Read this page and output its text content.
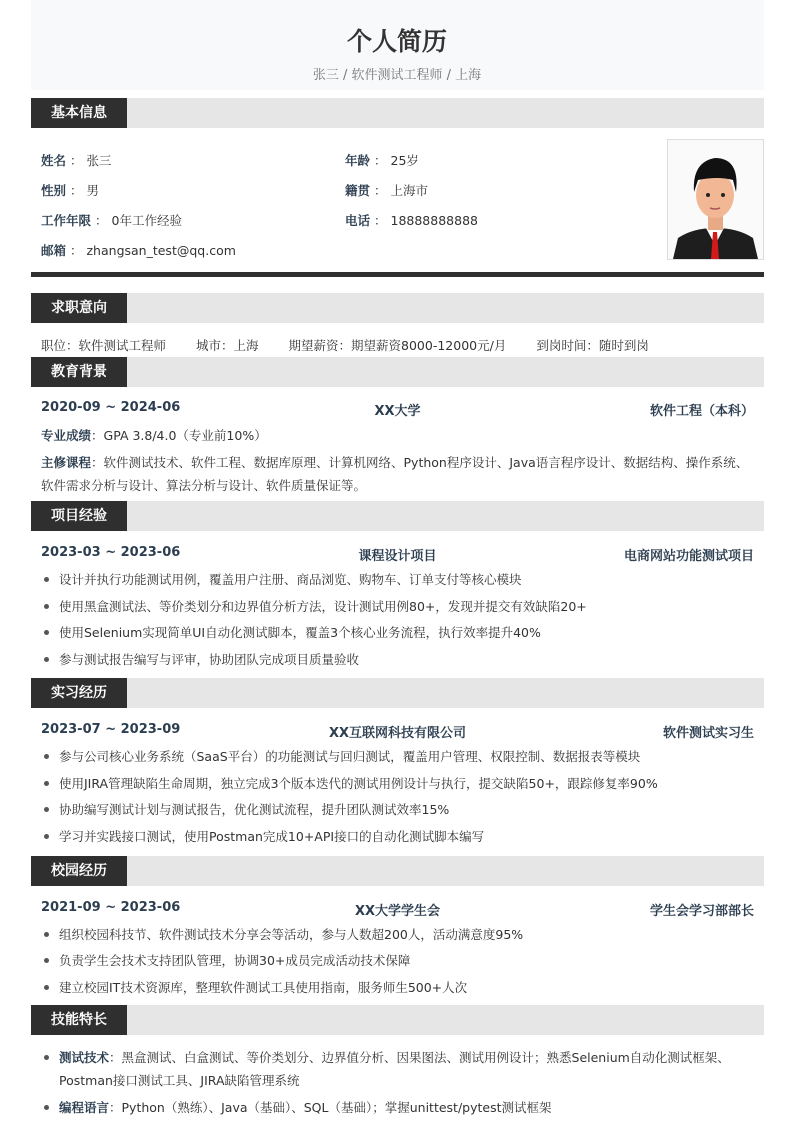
个人简历
张三 / 软件测试工程师 / 上海
基本信息
姓名 ： 张三
性别 ： 男
工作年限 ： 0年工作经验
邮箱 ： zhangsan_test@qq.com
年龄 ： 25岁
籍贯 ： 上海市
电话 ： 18888888888
求职意向
职位：软件测试工程师 城市：上海 期望薪资：期望薪资8000-12000元/月 到岗时间：随时到岗
教育背景
2020-09 ~ 2024-06	XX大学	软件工程（本科）
专业成绩：GPA 3.8/4.0（专业前10%）
主修课程：软件测试技术、软件工程、数据库原理、计算机网络、Python程序设计、Java语言程序设计、数据结构、操作系统、软件需求分析与设计、算法分析与设计、软件质量保证等。
项目经验
2023-03 ~ 2023-06	课程设计项目	电商网站功能测试项目
设计并执行功能测试用例，覆盖用户注册、商品浏览、购物车、订单支付等核心模块
使用黑盒测试法、等价类划分和边界值分析方法，设计测试用例80+，发现并提交有效缺陷20+
使用Selenium实现简单UI自动化测试脚本，覆盖3个核心业务流程，执行效率提升40%
参与测试报告编写与评审，协助团队完成项目质量验收
实习经历
2023-07 ~ 2023-09	XX互联网科技有限公司	软件测试实习生
参与公司核心业务系统（SaaS平台）的功能测试与回归测试，覆盖用户管理、权限控制、数据报表等模块
使用JIRA管理缺陷生命周期，独立完成3个版本迭代的测试用例设计与执行，提交缺陷50+，跟踪修复率90%
协助编写测试计划与测试报告，优化测试流程，提升团队测试效率15%
学习并实践接口测试，使用Postman完成10+API接口的自动化测试脚本编写
校园经历
2021-09 ~ 2023-06	XX大学学生会	学生会学习部部长
组织校园科技节、软件测试技术分享会等活动，参与人数超200人，活动满意度95%
负责学生会技术支持团队管理，协调30+成员完成活动技术保障
建立校园IT技术资源库，整理软件测试工具使用指南，服务师生500+人次
技能特长
测试技术：黑盒测试、白盒测试、等价类划分、边界值分析、因果图法、测试用例设计；熟悉Selenium自动化测试框架、Postman接口测试工具、JIRA缺陷管理系统
编程语言：Python（熟练）、Java（基础）、SQL（基础）；掌握unittest/pytest测试框架
